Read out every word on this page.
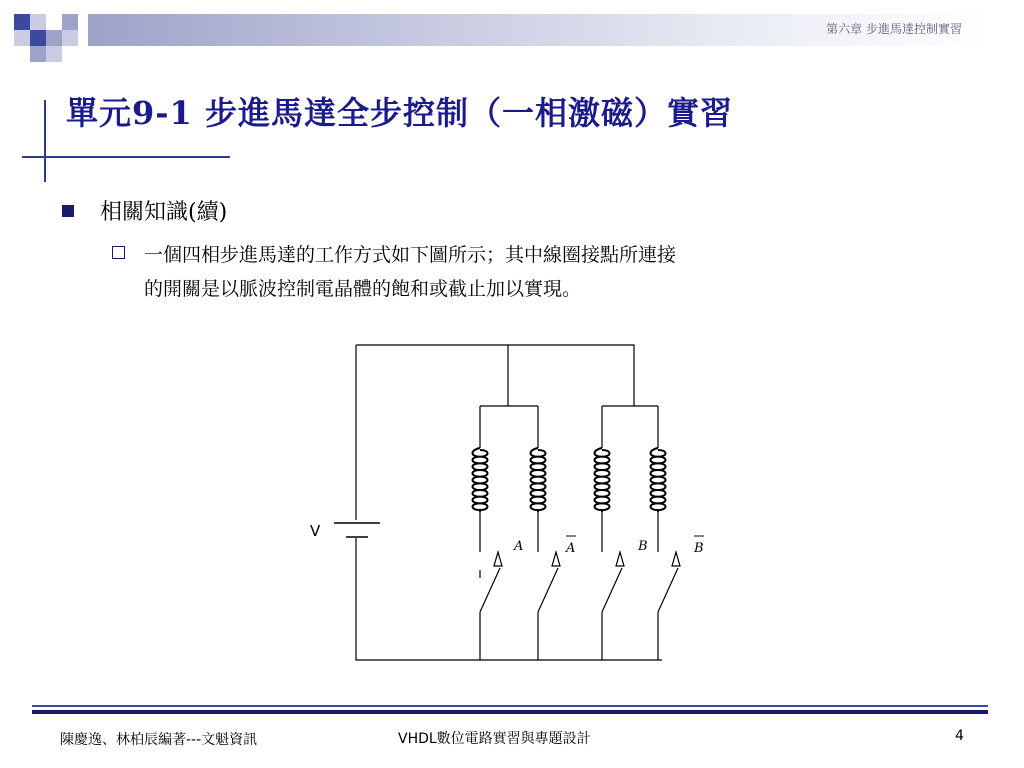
第六章 步進馬達控制實習
單元9-1 步進馬達全步控制（一相激磁）實習
相關知識(續)
一個四相步進馬達的工作方式如下圖所示；其中線圈接點所連接
的開關是以脈波控制電晶體的飽和或截止加以實現。
V
A	A	B	B
陳慶逸、林柏辰編著---文魁資訊	VHDL數位電路實習與專題設計	4
